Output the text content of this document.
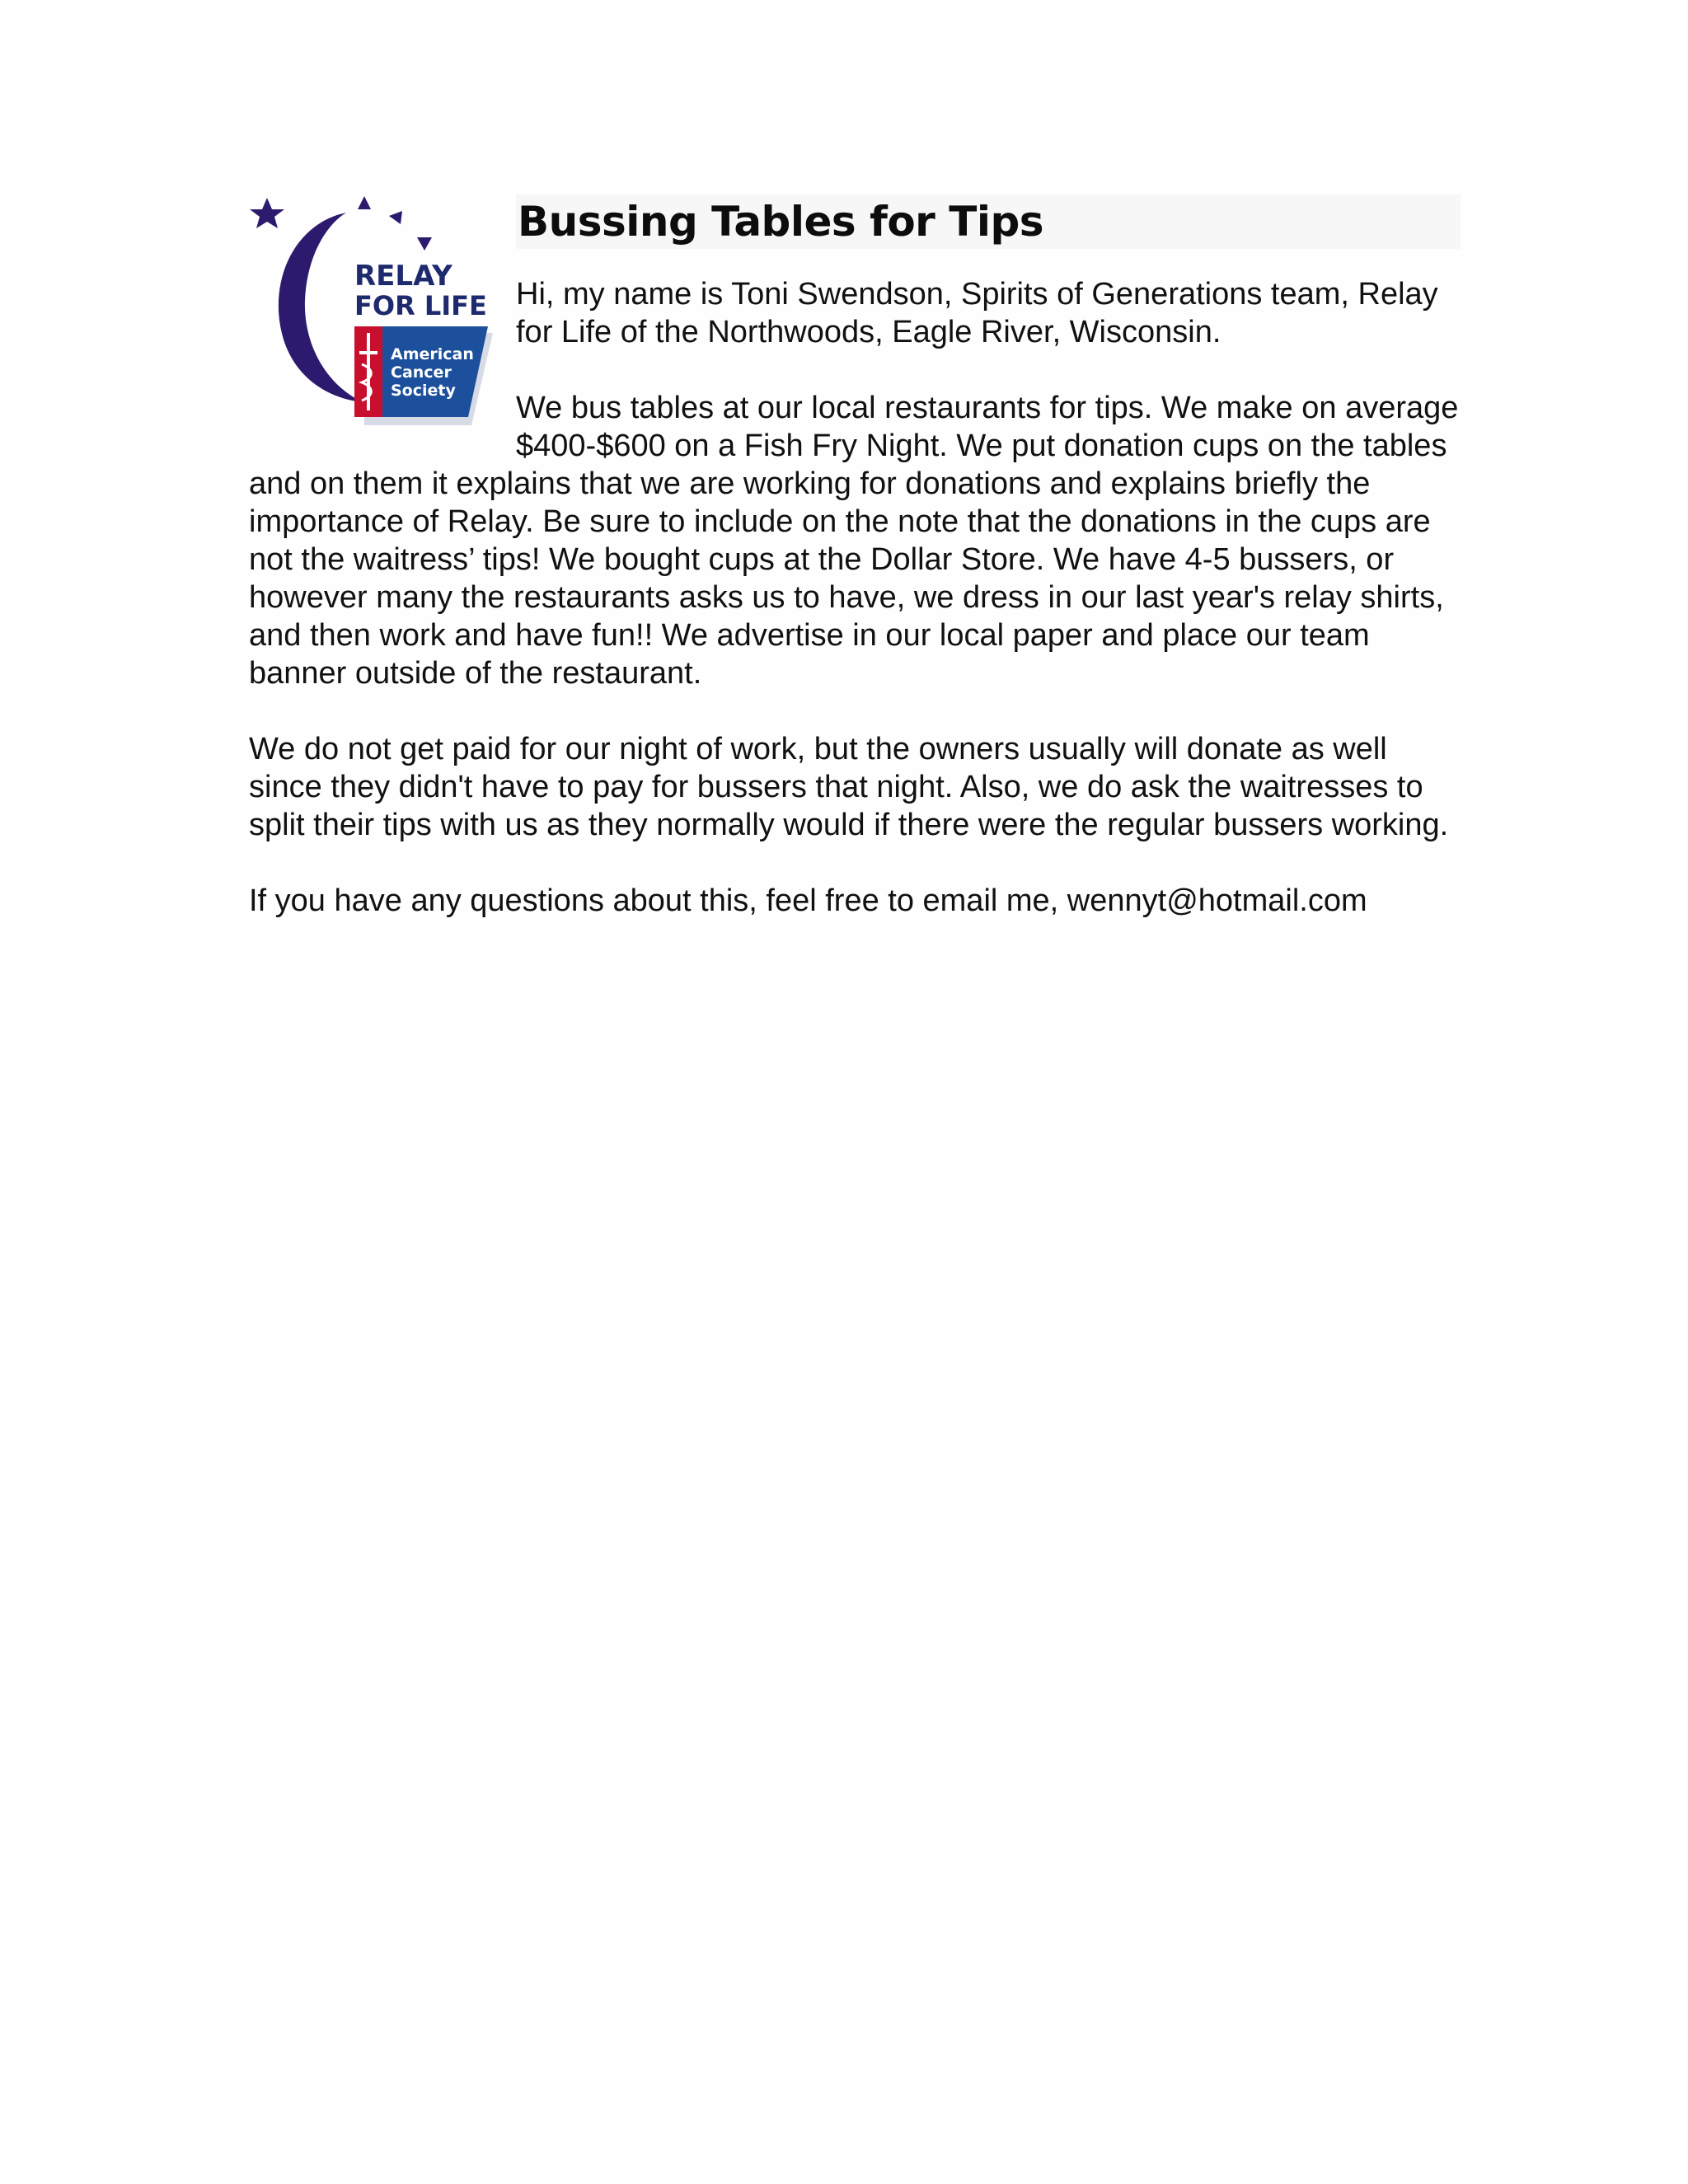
RELAY
FOR LIFE
American
Cancer
Society
Bussing Tables for Tips

Hi, my name is Toni Swendson, Spirits of Generations team, Relay for Life of the Northwoods, Eagle River, Wisconsin.

We bus tables at our local restaurants for tips. We make on average $400-$600 on a Fish Fry Night. We put donation cups on the tables and on them it explains that we are working for donations and explains briefly the importance of Relay. Be sure to include on the note that the donations in the cups are not the waitress’ tips! We bought cups at the Dollar Store. We have 4-5 bussers, or however many the restaurants asks us to have, we dress in our last year's relay shirts, and then work and have fun!! We advertise in our local paper and place our team banner outside of the restaurant.

We do not get paid for our night of work, but the owners usually will donate as well since they didn't have to pay for bussers that night. Also, we do ask the waitresses to split their tips with us as they normally would if there were the regular bussers working.

If you have any questions about this, feel free to email me, wennyt@hotmail.com
